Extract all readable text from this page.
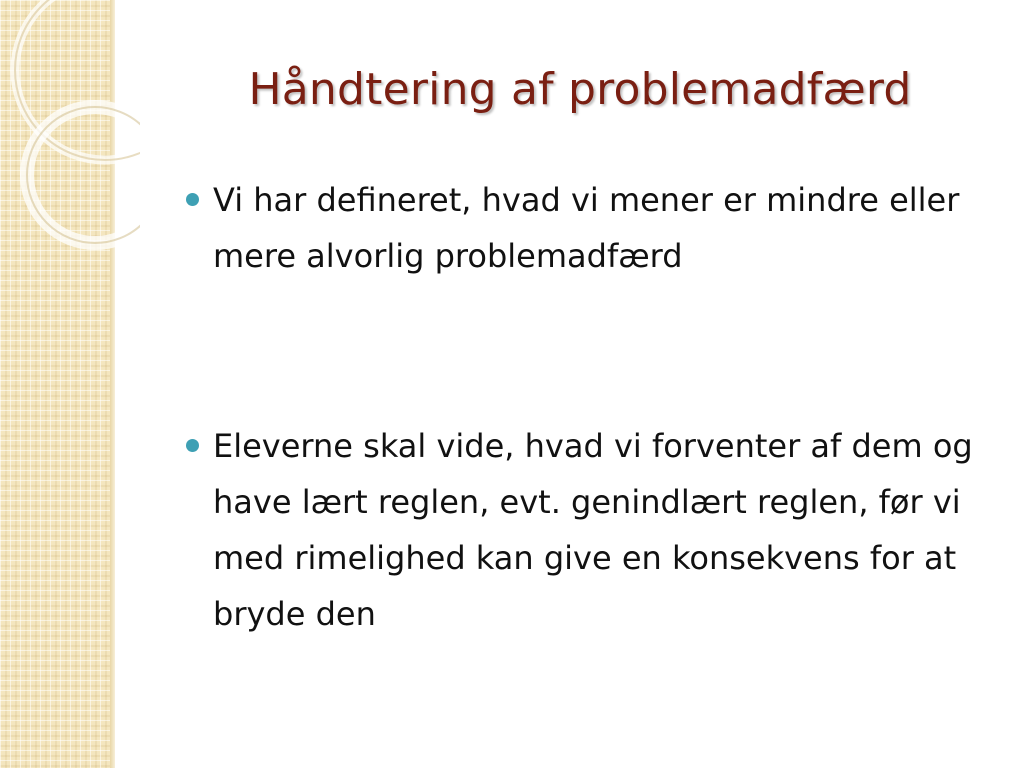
Håndtering af problemadfærd
Vi har defineret, hvad vi mener er mindre eller mere alvorlig problemadfærd
Eleverne skal vide, hvad vi forventer af dem og have lært reglen, evt. genindlært reglen, før vi med rimelighed kan give en konsekvens for at bryde den
